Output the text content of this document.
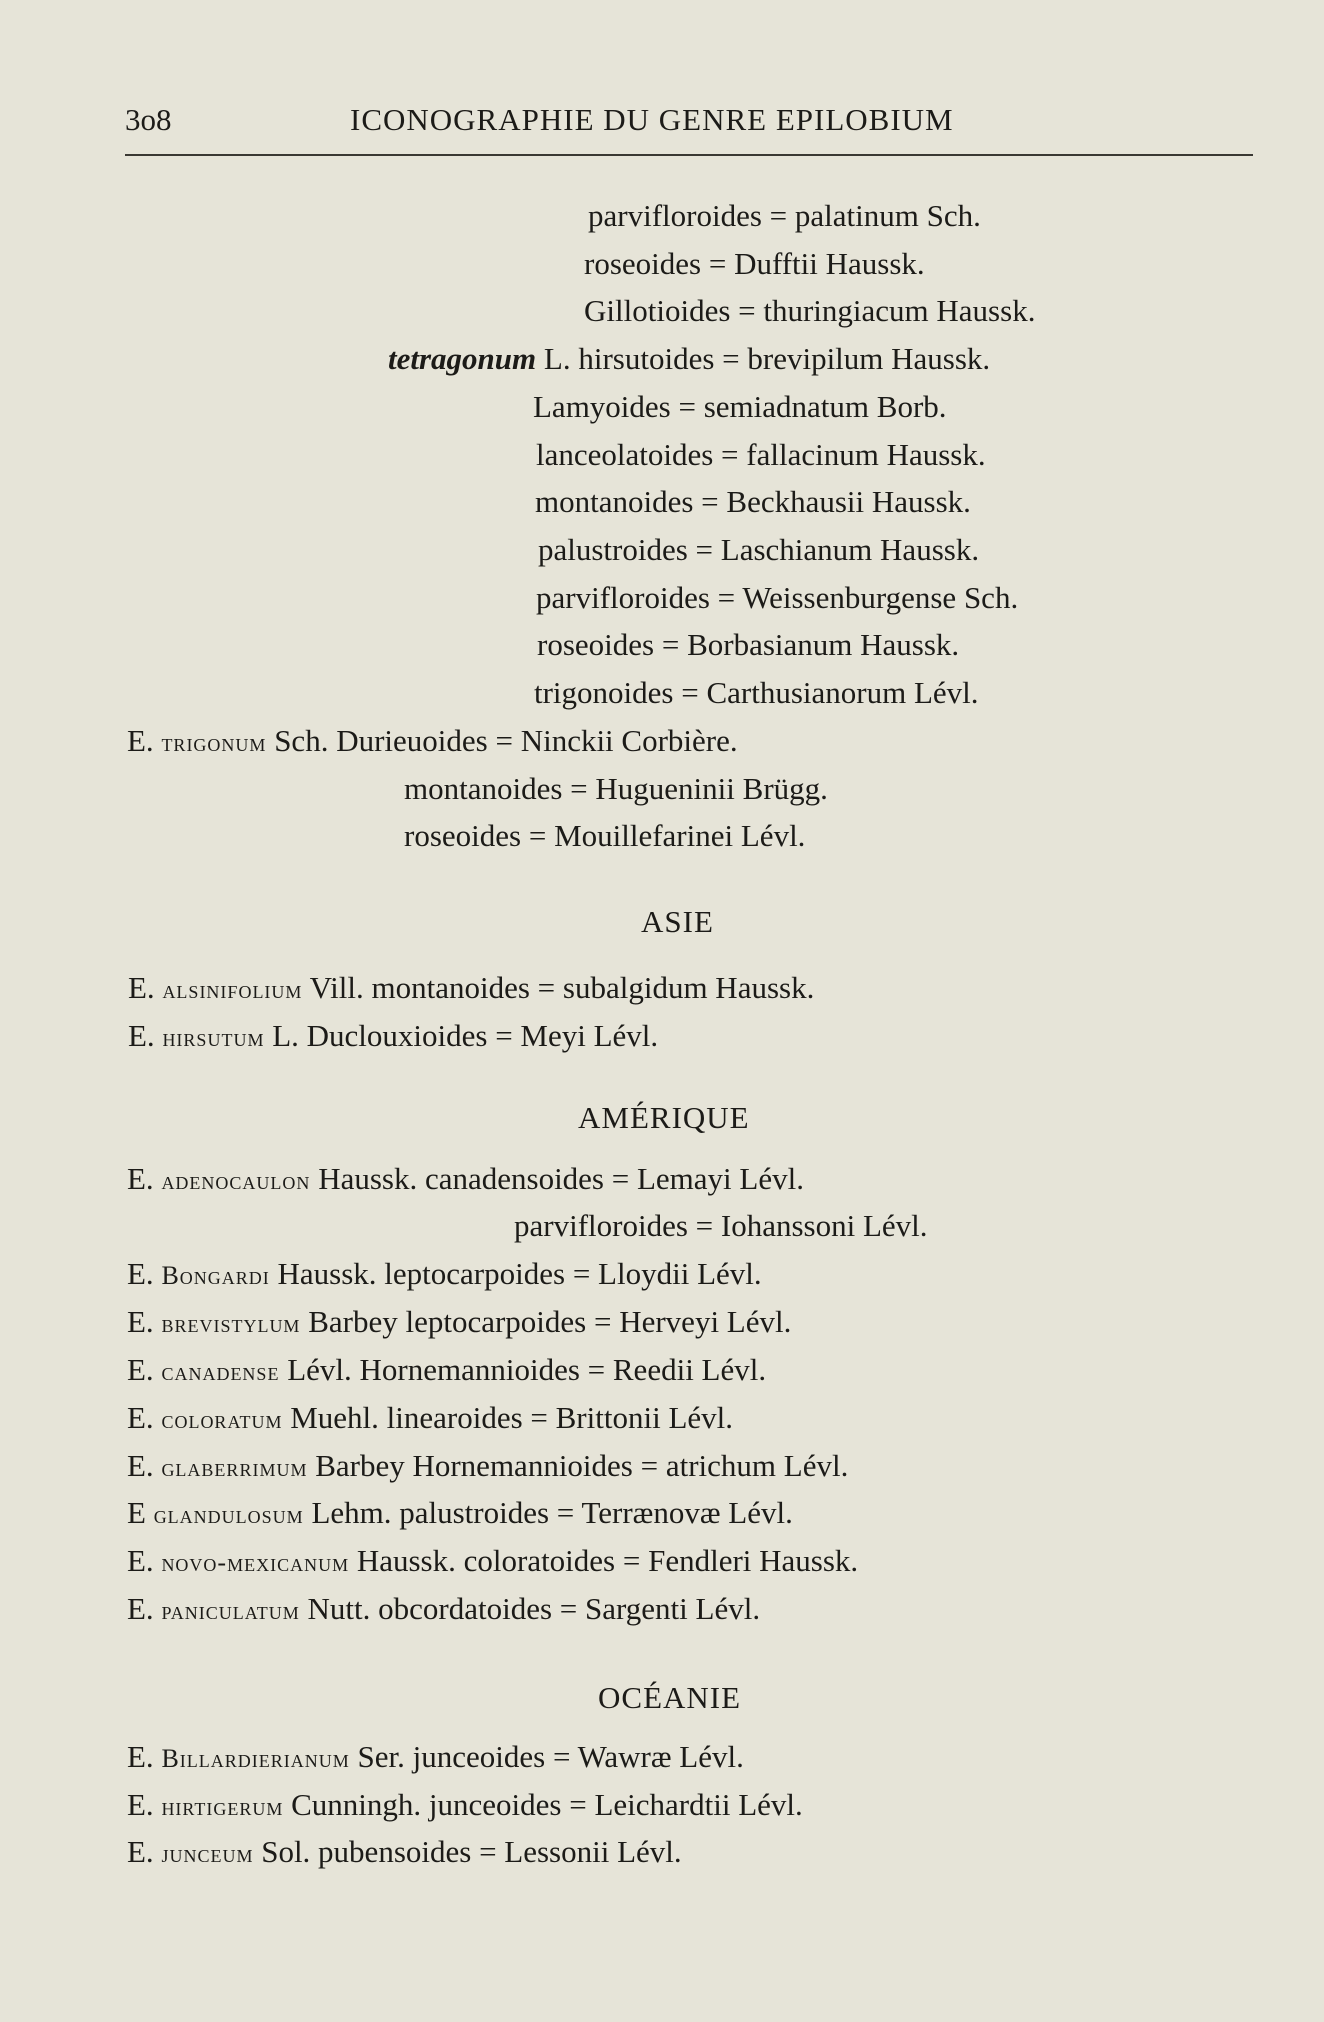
3o8	ICONOGRAPHIE DU GENRE EPILOBIUM
parvifloroides = palatinum Sch.
roseoides = Dufftii Haussk.
Gillotioides = thuringiacum Haussk.
tetragonum L. hirsutoides = brevipilum Haussk.
Lamyoides = semiadnatum Borb.
lanceolatoides = fallacinum Haussk.
montanoides = Beckhausii Haussk.
palustroides = Laschianum Haussk.
parvifloroides = Weissenburgense Sch.
roseoides = Borbasianum Haussk.
trigonoides = Carthusianorum Lévl.
E. trigonum Sch. Durieuoides = Ninckii Corbière.
montanoides = Hugueninii Brügg.
roseoides = Mouillefarinei Lévl.
ASIE
E. alsinifolium Vill. montanoides = subalgidum Haussk.
E. hirsutum L. Duclouxioides = Meyi Lévl.
AMÉRIQUE
E. adenocaulon Haussk. canadensoides = Lemayi Lévl.
parvifloroides = Iohanssoni Lévl.
E. Bongardi Haussk. leptocarpoides = Lloydii Lévl.
E. brevistylum Barbey leptocarpoides = Herveyi Lévl.
E. canadense Lévl. Hornemannioides = Reedii Lévl.
E. coloratum Muehl. linearoides = Brittonii Lévl.
E. glaberrimum Barbey Hornemannioides = atrichum Lévl.
E glandulosum Lehm. palustroides = Terrænovæ Lévl.
E. novo-mexicanum Haussk. coloratoides = Fendleri Haussk.
E. paniculatum Nutt. obcordatoides = Sargenti Lévl.
OCÉANIE
E. Billardierianum Ser. junceoides = Wawræ Lévl.
E. hirtigerum Cunningh. junceoides = Leichardtii Lévl.
E. junceum Sol. pubensoides = Lessonii Lévl.
